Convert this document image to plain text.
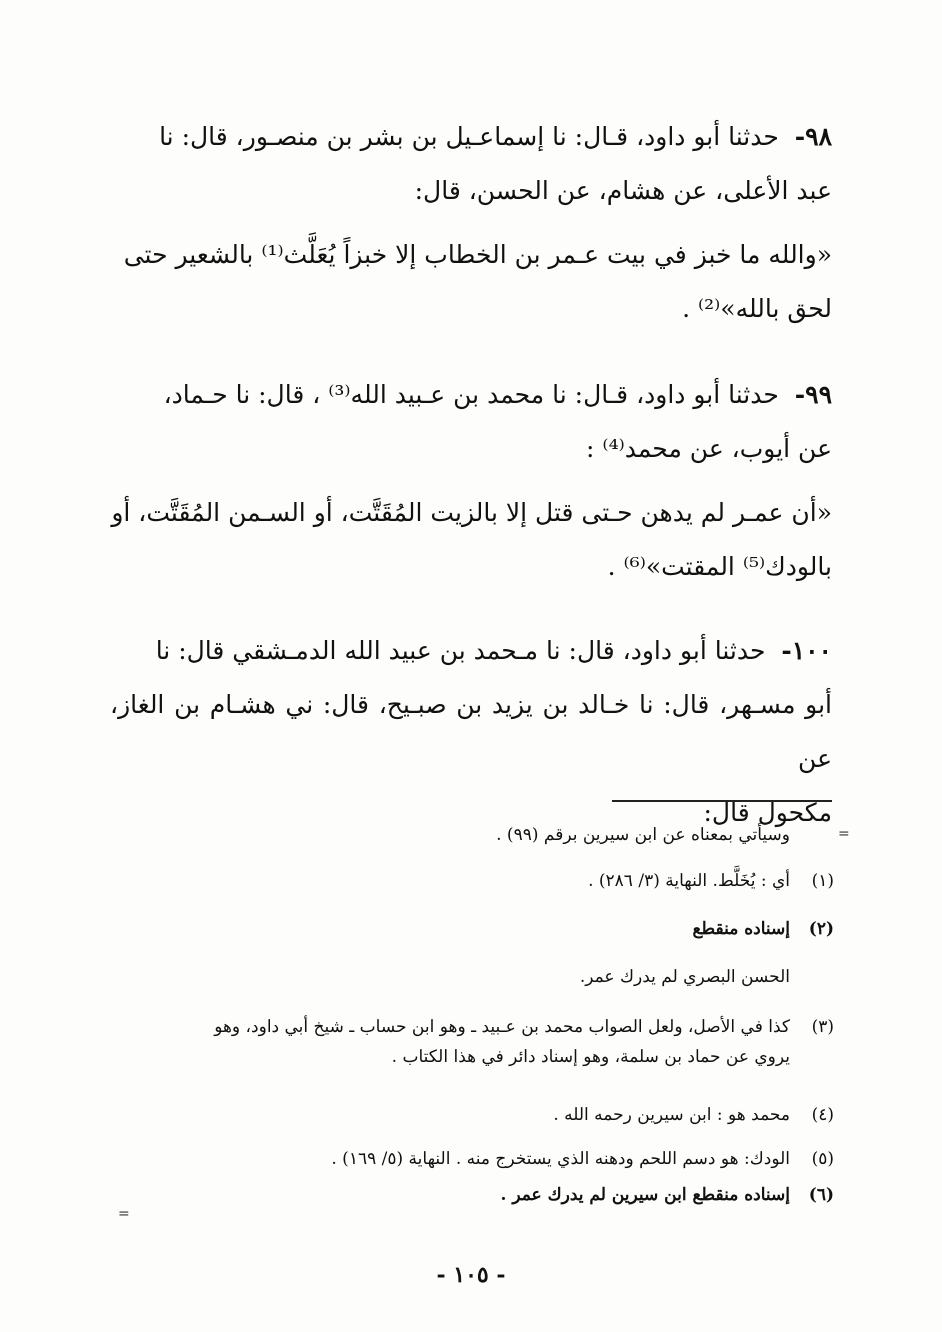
٩٨-  حدثنا أبو داود، قـال: نا إسماعـيل بن بشر بن منصـور، قال: نا
عبد الأعلى، عن هشام، عن الحسن، قال:
«والله ما خبز في بيت عـمر بن الخطاب إلا خبزاً يُعَلَّث⁽¹⁾ بالشعير حتى
لحق بالله»⁽²⁾ .

٩٩-  حدثنا أبو داود، قـال: نا محمد بن عـبيد الله⁽³⁾ ، قال: نا حـماد،
عن أيوب، عن محمد⁽⁴⁾ :
«أن عمـر لم يدهن حـتى قتل إلا بالزيت المُقَتَّت، أو السـمن المُقَتَّت، أو
بالودك⁽⁵⁾ المقتت»⁽⁶⁾ .

١٠٠-  حدثنا أبو داود، قال: نا مـحمد بن عبيد الله الدمـشقي قال: نا
أبو مسـهر، قال: نا خـالد بن يزيد بن صبـيح، قال: ني هشـام بن الغاز، عن
مكحول قال:

وسيأتي بمعناه عن ابن سيرين برقم (٩٩) .	=

(١)أي : يُخَلَّط. النهاية (٣/ ٢٨٦) .

(٢)إسناده منقطع

الحسن البصري لم يدرك عمر.

(٣)كذا في الأصل، ولعل الصواب محمد بن عـبيد ـ وهو ابن حساب ـ شيخ أبي داود، وهو
يروي عن حماد بن سلمة، وهو إسناد دائر في هذا الكتاب .

(٤)محمد هو : ابن سيرين رحمه الله .

(٥)الودك: هو دسم اللحم ودهنه الذي يستخرج منه . النهاية (٥/ ١٦٩) .

(٦)إسناده منقطع ابن سيرين لم يدرك عمر .

=
- ١٠٥ -
